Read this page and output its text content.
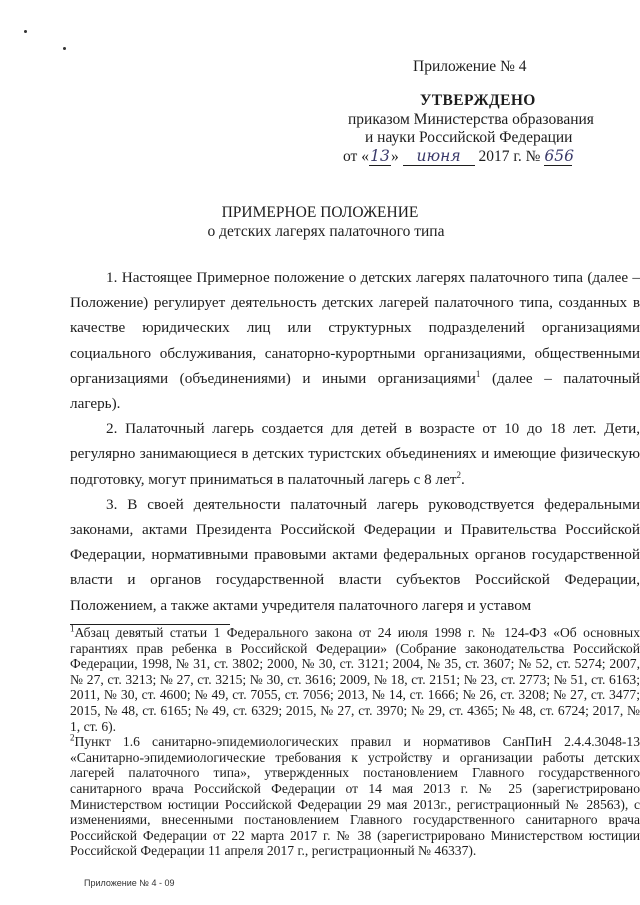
Приложение № 4
УТВЕРЖДЕНО
приказом Министерства образования
и науки Российской Федерации
от «13» июня 2017 г. № 656
ПРИМЕРНОЕ ПОЛОЖЕНИЕ
о детских лагерях палаточного типа

1. Настоящее Примерное положение о детских лагерях палаточного типа (далее – Положение) регулирует деятельность детских лагерей палаточного типа, созданных в качестве юридических лиц или структурных подразделений организациями социального обслуживания, санаторно-курортными организациями, общественными организациями (объединениями) и иными организациями$^1$ (далее – палаточный лагерь).

2. Палаточный лагерь создается для детей в возрасте от 10 до 18 лет. Дети, регулярно занимающиеся в детских туристских объединениях и имеющие физическую подготовку, могут приниматься в палаточный лагерь с 8 лет$^2$.

3. В своей деятельности палаточный лагерь руководствуется федеральными законами, актами Президента Российской Федерации и Правительства Российской Федерации, нормативными правовыми актами федеральных органов государственной власти и органов государственной власти субъектов Российской Федерации, Положением, а также актами учредителя палаточного лагеря и уставом

$^1$Абзац девятый статьи 1 Федерального закона от 24 июля 1998 г. № 124-ФЗ «Об основных гарантиях прав ребенка в Российской Федерации» (Собрание законодательства Российской Федерации, 1998, № 31, ст. 3802; 2000, № 30, ст. 3121; 2004, № 35, ст. 3607; № 52, ст. 5274; 2007, № 27, ст. 3213; № 27, ст. 3215; № 30, ст. 3616; 2009, № 18, ст. 2151; № 23, ст. 2773; № 51, ст. 6163; 2011, № 30, ст. 4600; № 49, ст. 7055, ст. 7056; 2013, № 14, ст. 1666; № 26, ст. 3208; № 27, ст. 3477; 2015, № 48, ст. 6165; № 49, ст. 6329; 2015, № 27, ст. 3970; № 29, ст. 4365; № 48, ст. 6724; 2017, № 1, ст. 6).

$^2$Пункт 1.6 санитарно-эпидемиологических правил и нормативов СанПиН 2.4.4.3048-13 «Санитарно-эпидемиологические требования к устройству и организации работы детских лагерей палаточного типа», утвержденных постановлением Главного государственного санитарного врача Российской Федерации от 14 мая 2013 г. № 25 (зарегистрировано Министерством юстиции Российской Федерации 29 мая 2013г., регистрационный № 28563), с изменениями, внесенными постановлением Главного государственного санитарного врача Российской Федерации от 22 марта 2017 г. № 38 (зарегистрировано Министерством юстиции Российской Федерации 11 апреля 2017 г., регистрационный № 46337).

Приложение № 4 - 09
